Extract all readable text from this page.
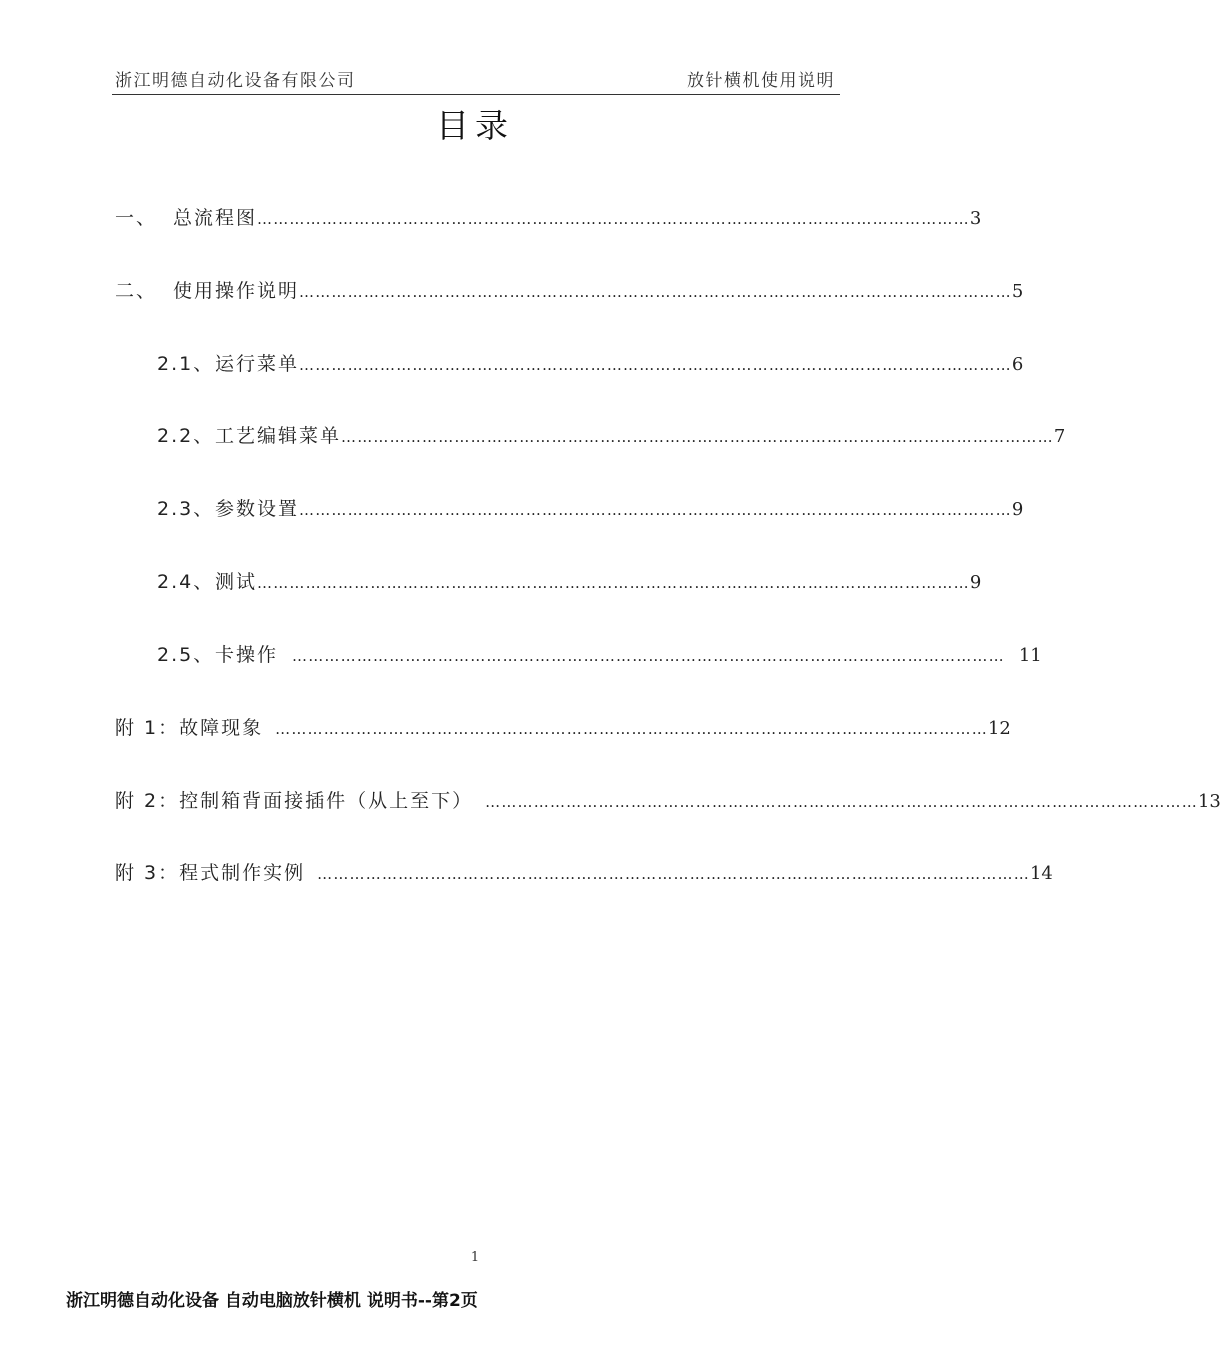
浙江明德自动化设备有限公司	放针横机使用说明
目录
一、 总流程图 …………………………………………………………………………………………………………………… 3
二、 使用操作说明 …………………………………………………………………………………………………………………… 5
2.1、 运行菜单 …………………………………………………………………………………………………………………… 6
2.2、 工艺编辑菜单 …………………………………………………………………………………………………………………… 7
2.3、 参数设置 …………………………………………………………………………………………………………………… 9
2.4、 测试 …………………………………………………………………………………………………………………… 9
2.5、 卡操作 …………………………………………………………………………………………………………………… 11
附 1：故障现象 …………………………………………………………………………………………………………………… 12
附 2：控制箱背面接插件（从上至下） …………………………………………………………………………………………………………………… 13
附 3：程式制作实例 …………………………………………………………………………………………………………………… 14
1
浙江明德自动化设备 自动电脑放针横机 说明书--第2页
